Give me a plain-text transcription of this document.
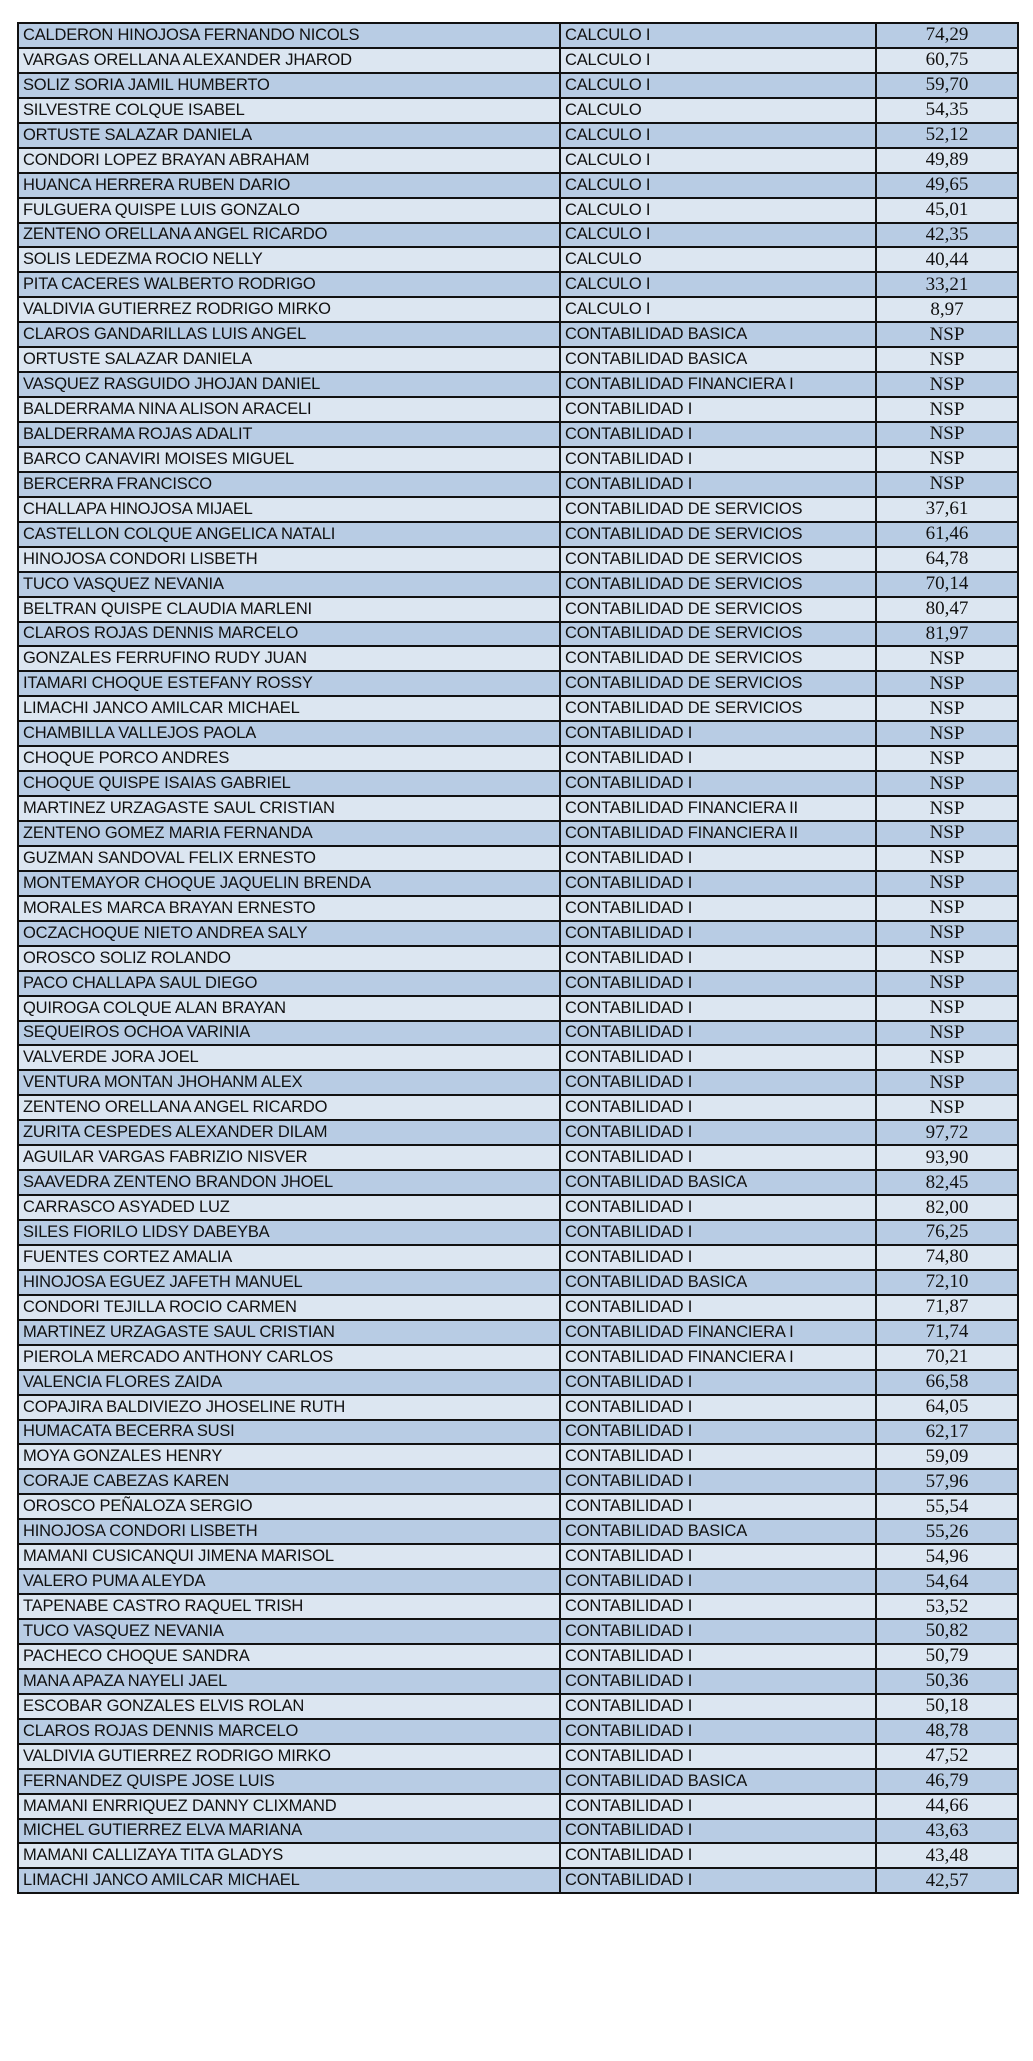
CALDERON HINOJOSA FERNANDO NICOLS	CALCULO I	74,29
VARGAS ORELLANA ALEXANDER JHAROD	CALCULO I	60,75
SOLIZ SORIA JAMIL HUMBERTO	CALCULO I	59,70
SILVESTRE COLQUE ISABEL	CALCULO	54,35
ORTUSTE SALAZAR DANIELA	CALCULO I	52,12
CONDORI LOPEZ BRAYAN ABRAHAM	CALCULO I	49,89
HUANCA HERRERA RUBEN DARIO	CALCULO I	49,65
FULGUERA QUISPE LUIS GONZALO	CALCULO I	45,01
ZENTENO ORELLANA ANGEL RICARDO	CALCULO I	42,35
SOLIS LEDEZMA ROCIO NELLY	CALCULO	40,44
PITA CACERES WALBERTO RODRIGO	CALCULO I	33,21
VALDIVIA GUTIERREZ RODRIGO MIRKO	CALCULO I	8,97
CLAROS GANDARILLAS LUIS ANGEL	CONTABILIDAD BASICA	NSP
ORTUSTE SALAZAR DANIELA	CONTABILIDAD BASICA	NSP
VASQUEZ RASGUIDO JHOJAN DANIEL	CONTABILIDAD FINANCIERA I	NSP
BALDERRAMA NINA ALISON ARACELI	CONTABILIDAD I	NSP
BALDERRAMA ROJAS ADALIT	CONTABILIDAD I	NSP
BARCO CANAVIRI MOISES MIGUEL	CONTABILIDAD I	NSP
BERCERRA FRANCISCO	CONTABILIDAD I	NSP
CHALLAPA HINOJOSA MIJAEL	CONTABILIDAD DE SERVICIOS	37,61
CASTELLON COLQUE ANGELICA NATALI	CONTABILIDAD DE SERVICIOS	61,46
HINOJOSA CONDORI LISBETH	CONTABILIDAD DE SERVICIOS	64,78
TUCO VASQUEZ NEVANIA	CONTABILIDAD DE SERVICIOS	70,14
BELTRAN QUISPE CLAUDIA MARLENI	CONTABILIDAD DE SERVICIOS	80,47
CLAROS ROJAS DENNIS MARCELO	CONTABILIDAD DE SERVICIOS	81,97
GONZALES FERRUFINO RUDY JUAN	CONTABILIDAD DE SERVICIOS	NSP
ITAMARI CHOQUE ESTEFANY ROSSY	CONTABILIDAD DE SERVICIOS	NSP
LIMACHI JANCO AMILCAR MICHAEL	CONTABILIDAD DE SERVICIOS	NSP
CHAMBILLA VALLEJOS PAOLA	CONTABILIDAD I	NSP
CHOQUE PORCO ANDRES	CONTABILIDAD I	NSP
CHOQUE QUISPE ISAIAS GABRIEL	CONTABILIDAD I	NSP
MARTINEZ URZAGASTE SAUL CRISTIAN	CONTABILIDAD FINANCIERA II	NSP
ZENTENO GOMEZ MARIA FERNANDA	CONTABILIDAD FINANCIERA II	NSP
GUZMAN SANDOVAL FELIX ERNESTO	CONTABILIDAD I	NSP
MONTEMAYOR CHOQUE JAQUELIN BRENDA	CONTABILIDAD I	NSP
MORALES MARCA BRAYAN ERNESTO	CONTABILIDAD I	NSP
OCZACHOQUE NIETO ANDREA SALY	CONTABILIDAD I	NSP
OROSCO SOLIZ ROLANDO	CONTABILIDAD I	NSP
PACO CHALLAPA SAUL DIEGO	CONTABILIDAD I	NSP
QUIROGA COLQUE ALAN BRAYAN	CONTABILIDAD I	NSP
SEQUEIROS OCHOA VARINIA	CONTABILIDAD I	NSP
VALVERDE JORA JOEL	CONTABILIDAD I	NSP
VENTURA MONTAN JHOHANM ALEX	CONTABILIDAD I	NSP
ZENTENO ORELLANA ANGEL RICARDO	CONTABILIDAD I	NSP
ZURITA CESPEDES ALEXANDER DILAM	CONTABILIDAD I	97,72
AGUILAR VARGAS FABRIZIO NISVER	CONTABILIDAD I	93,90
SAAVEDRA ZENTENO BRANDON JHOEL	CONTABILIDAD BASICA	82,45
CARRASCO ASYADED LUZ	CONTABILIDAD I	82,00
SILES FIORILO LIDSY DABEYBA	CONTABILIDAD I	76,25
FUENTES CORTEZ AMALIA	CONTABILIDAD I	74,80
HINOJOSA EGUEZ JAFETH MANUEL	CONTABILIDAD BASICA	72,10
CONDORI TEJILLA ROCIO CARMEN	CONTABILIDAD I	71,87
MARTINEZ URZAGASTE SAUL CRISTIAN	CONTABILIDAD FINANCIERA I	71,74
PIEROLA MERCADO ANTHONY CARLOS	CONTABILIDAD FINANCIERA I	70,21
VALENCIA FLORES ZAIDA	CONTABILIDAD I	66,58
COPAJIRA BALDIVIEZO JHOSELINE RUTH	CONTABILIDAD I	64,05
HUMACATA BECERRA SUSI	CONTABILIDAD I	62,17
MOYA GONZALES HENRY	CONTABILIDAD I	59,09
CORAJE CABEZAS KAREN	CONTABILIDAD I	57,96
OROSCO PEÑALOZA SERGIO	CONTABILIDAD I	55,54
HINOJOSA CONDORI LISBETH	CONTABILIDAD BASICA	55,26
MAMANI CUSICANQUI JIMENA MARISOL	CONTABILIDAD I	54,96
VALERO PUMA ALEYDA	CONTABILIDAD I	54,64
TAPENABE CASTRO RAQUEL TRISH	CONTABILIDAD I	53,52
TUCO VASQUEZ NEVANIA	CONTABILIDAD I	50,82
PACHECO CHOQUE SANDRA	CONTABILIDAD I	50,79
MANA APAZA NAYELI JAEL	CONTABILIDAD I	50,36
ESCOBAR GONZALES ELVIS ROLAN	CONTABILIDAD I	50,18
CLAROS ROJAS DENNIS MARCELO	CONTABILIDAD I	48,78
VALDIVIA GUTIERREZ RODRIGO MIRKO	CONTABILIDAD I	47,52
FERNANDEZ QUISPE JOSE LUIS	CONTABILIDAD BASICA	46,79
MAMANI ENRRIQUEZ DANNY CLIXMAND	CONTABILIDAD I	44,66
MICHEL GUTIERREZ ELVA MARIANA	CONTABILIDAD I	43,63
MAMANI CALLIZAYA TITA GLADYS	CONTABILIDAD I	43,48
LIMACHI JANCO AMILCAR MICHAEL	CONTABILIDAD I	42,57
